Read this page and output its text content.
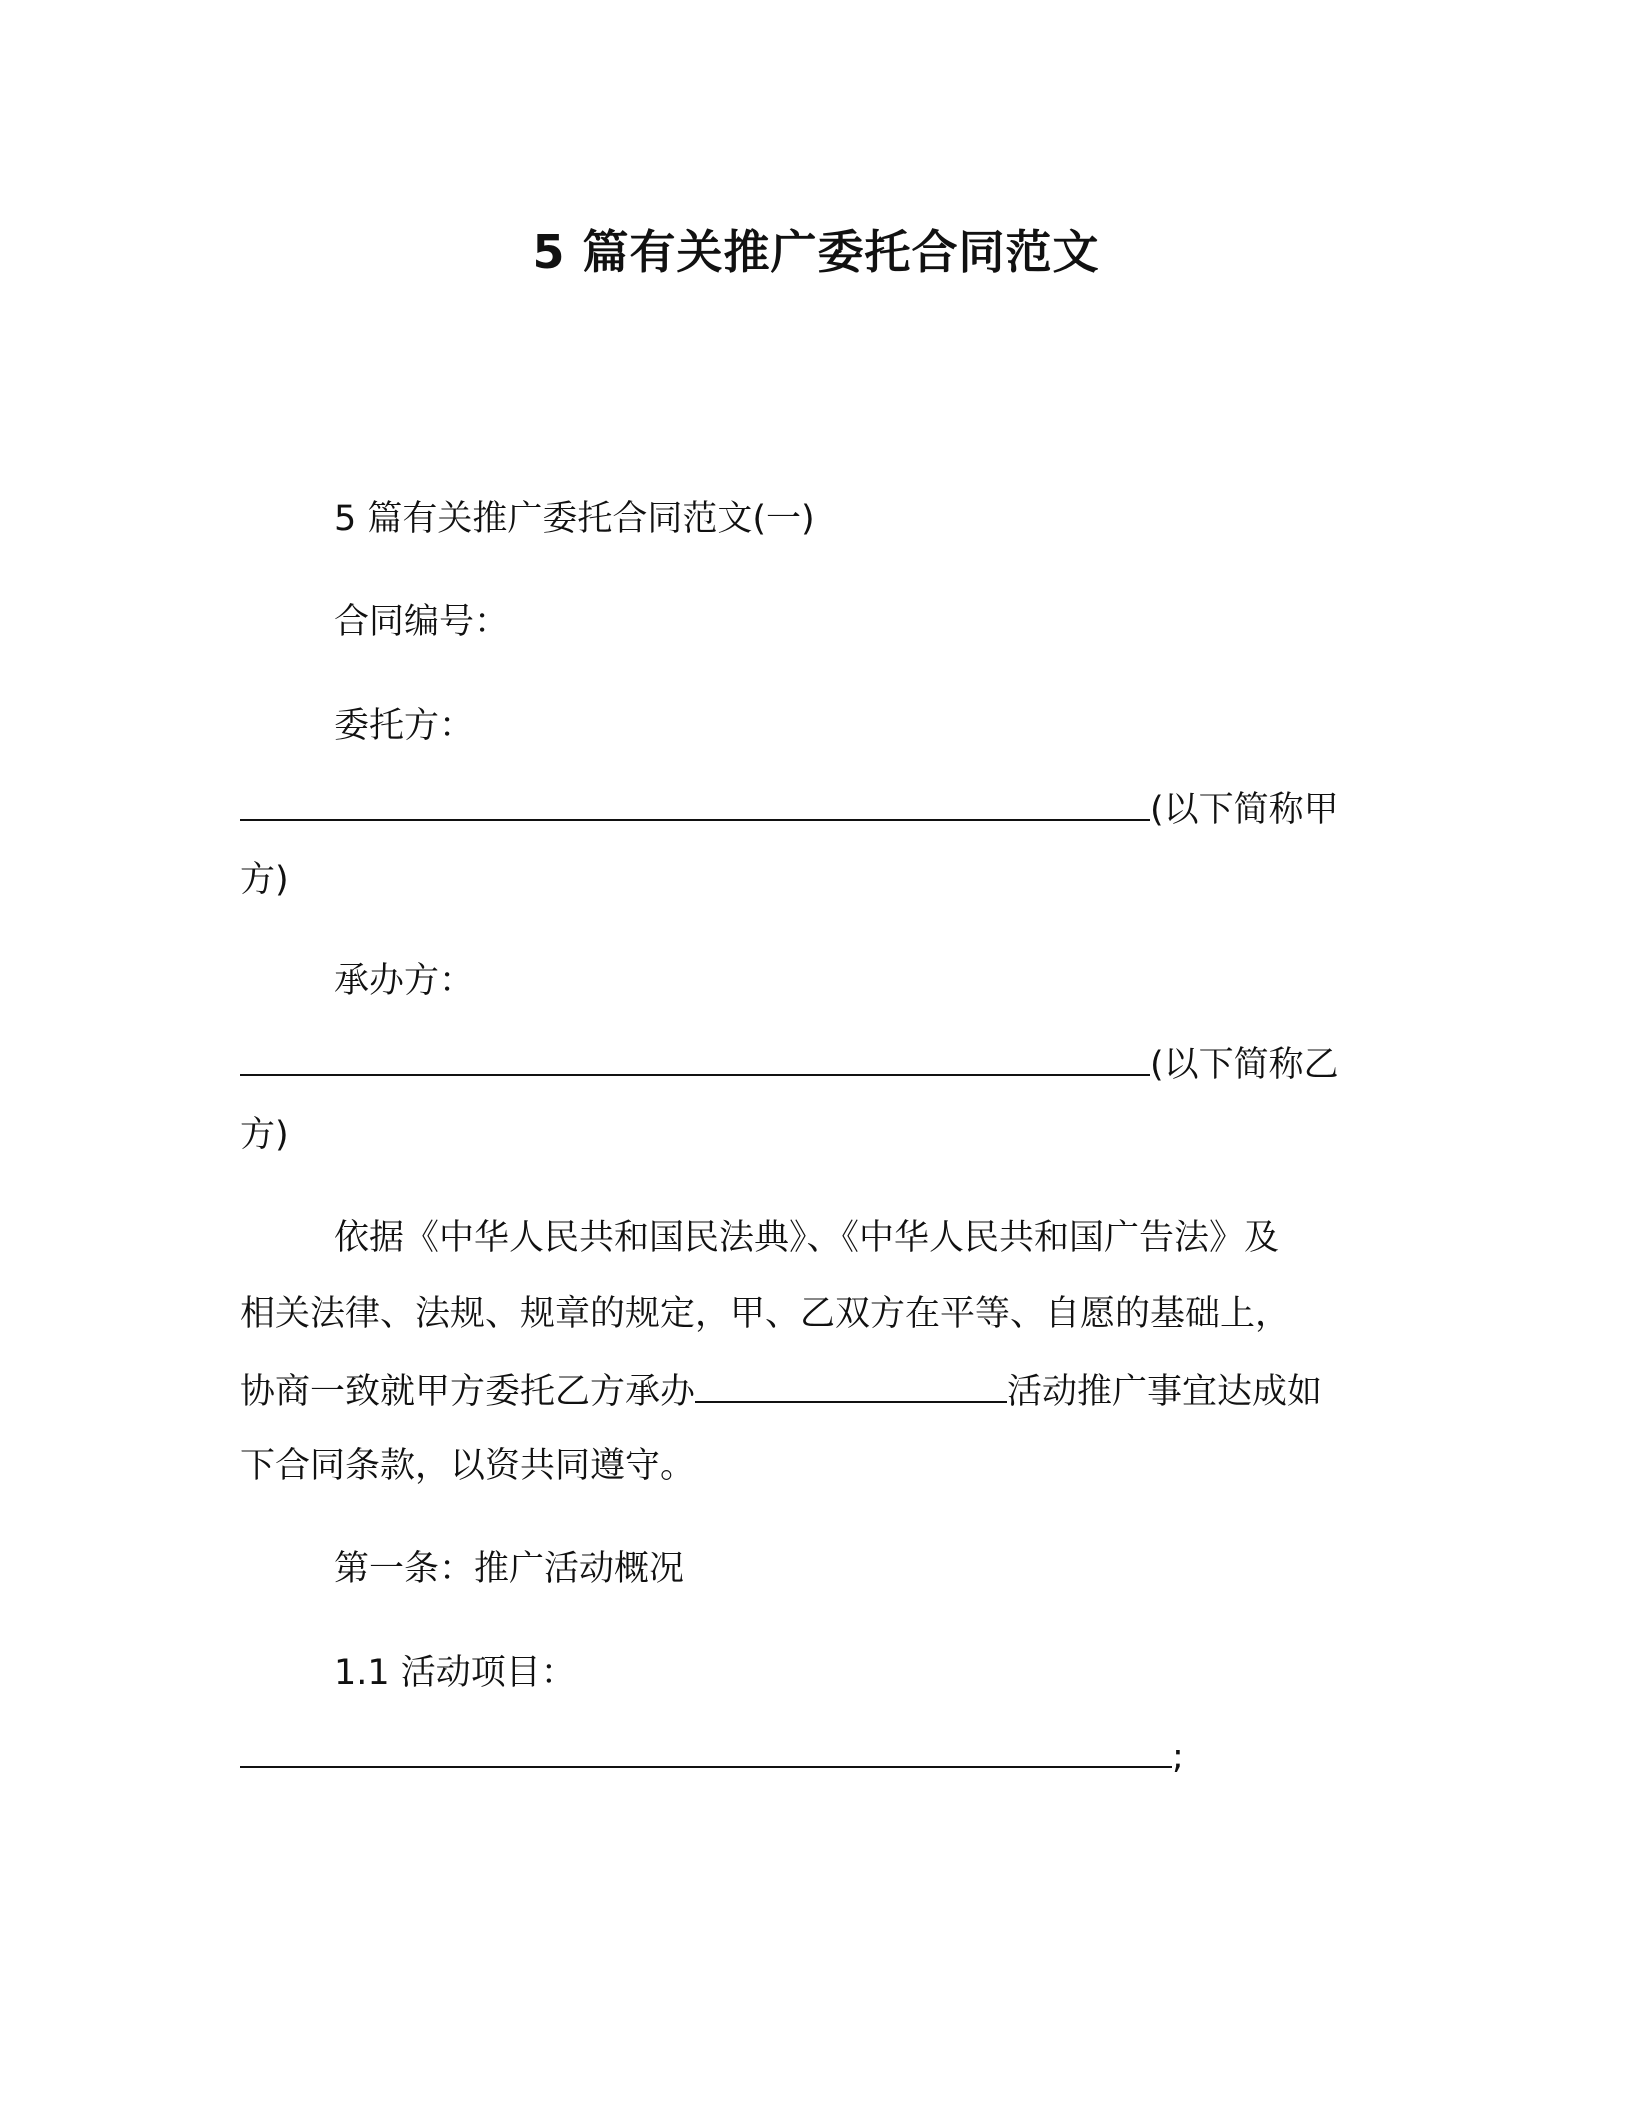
5 篇有关推广委托合同范文
5 篇有关推广委托合同范文(一)
合同编号：
委托方：
(以下简称甲
方)
承办方：
(以下简称乙
方)
依据《中华人民共和国民法典》、《中华人民共和国广告法》及
相关法律、法规、规章的规定，甲、乙双方在平等、自愿的基础上，
协商一致就甲方委托乙方承办	活动推广事宜达成如
下合同条款，以资共同遵守。
第一条：推广活动概况
1.1 活动项目：
;
